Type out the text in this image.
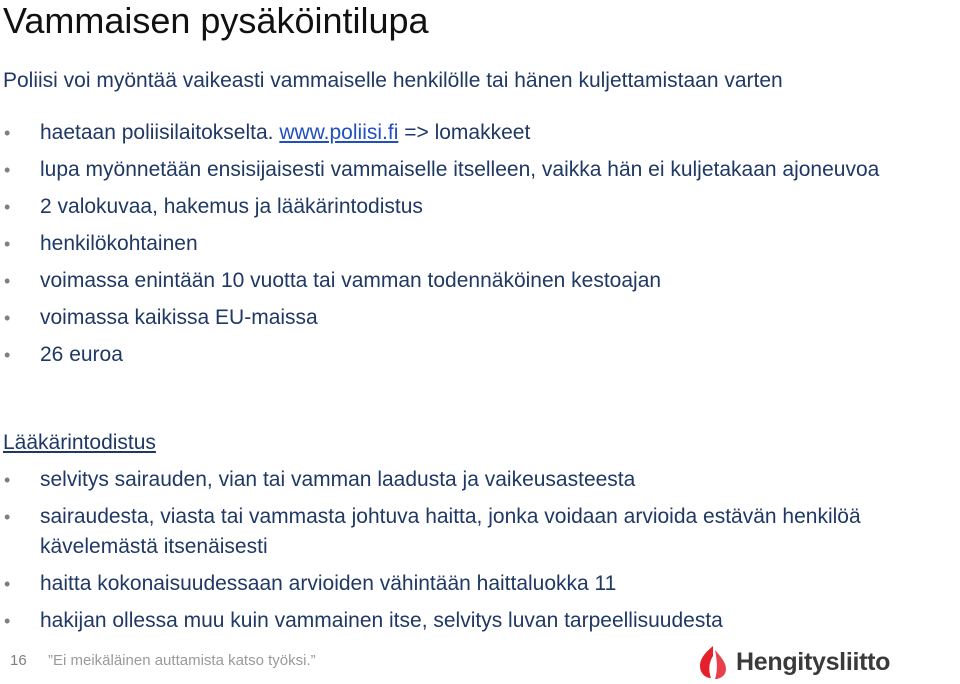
Vammaisen pysäköintilupa
Poliisi voi myöntää vaikeasti vammaiselle henkilölle tai hänen kuljettamistaan varten
• haetaan poliisilaitokselta. www.poliisi.fi => lomakkeet
• lupa myönnetään ensisijaisesti vammaiselle itselleen, vaikka hän ei kuljetakaan ajoneuvoa
• 2 valokuvaa, hakemus ja lääkärintodistus
• henkilökohtainen
• voimassa enintään 10 vuotta tai vamman todennäköinen kestoajan
• voimassa kaikissa EU-maissa
• 26 euroa
Lääkärintodistus
• selvitys sairauden, vian tai vamman laadusta ja vaikeusasteesta
• sairaudesta, viasta tai vammasta johtuva haitta, jonka voidaan arvioida estävän henkilöä kävelemästä itsenäisesti
• haitta kokonaisuudessaan arvioiden vähintään haittaluokka 11
• hakijan ollessa muu kuin vammainen itse, selvitys luvan tarpeellisuudesta
16 ”Ei meikäläinen auttamista katso työksi.”	Hengitysliitto
